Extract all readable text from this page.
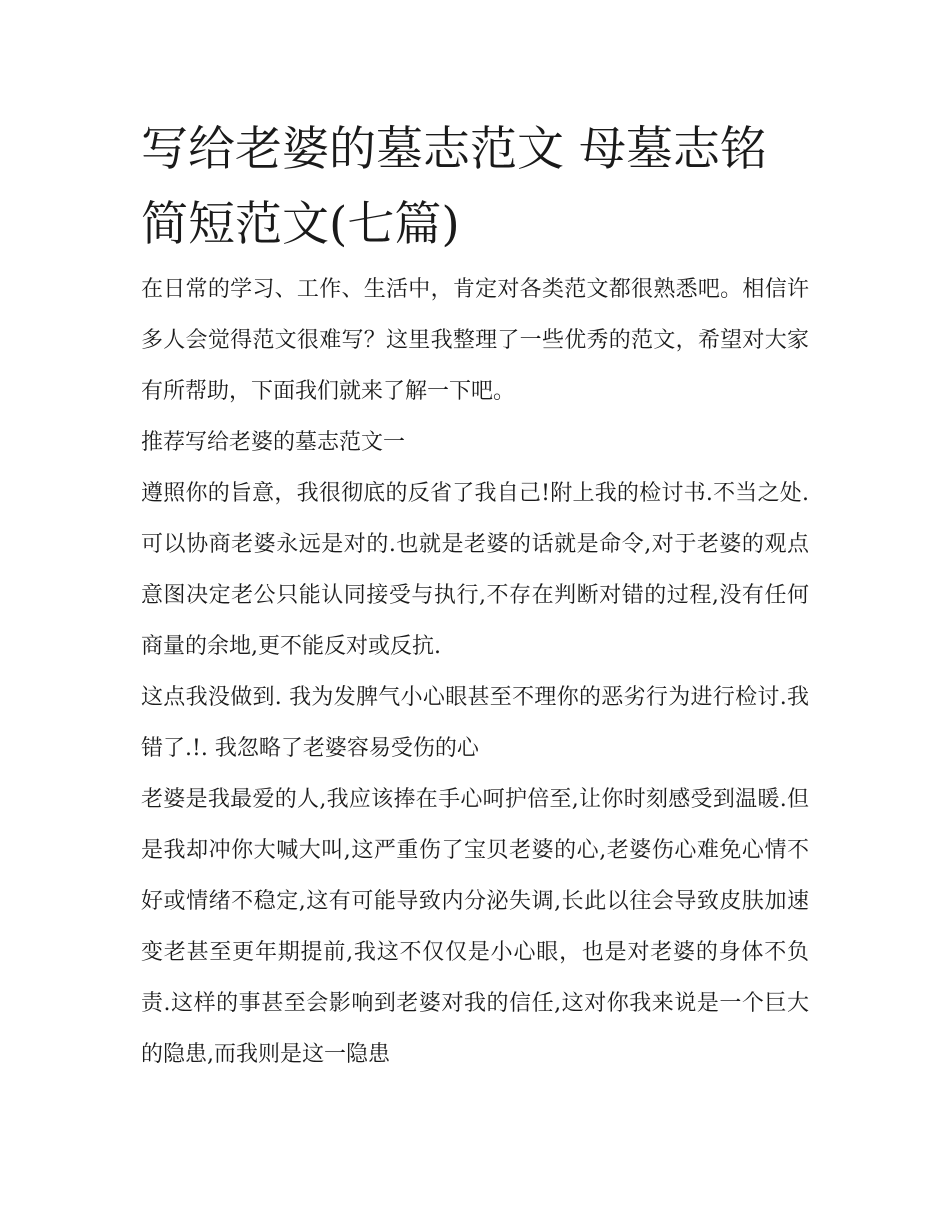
写给老婆的墓志范文 母墓志铭简短范文(七篇)

在日常的学习、工作、生活中，肯定对各类范文都很熟悉吧。相信许多人会觉得范文很难写？这里我整理了一些优秀的范文，希望对大家有所帮助，下面我们就来了解一下吧。

推荐写给老婆的墓志范文一

遵照你的旨意，我很彻底的反省了我自己!附上我的检讨书.不当之处.可以协商老婆永远是对的.也就是老婆的话就是命令,对于老婆的观点意图决定老公只能认同接受与执行,不存在判断对错的过程,没有任何商量的余地,更不能反对或反抗.

这点我没做到. 我为发脾气小心眼甚至不理你的恶劣行为进行检讨.我错了.!. 我忽略了老婆容易受伤的心

老婆是我最爱的人,我应该捧在手心呵护倍至,让你时刻感受到温暖.但是我却冲你大喊大叫,这严重伤了宝贝老婆的心,老婆伤心难免心情不好或情绪不稳定,这有可能导致内分泌失调,长此以往会导致皮肤加速变老甚至更年期提前,我这不仅仅是小心眼，也是对老婆的身体不负责.这样的事甚至会影响到老婆对我的信任,这对你我来说是一个巨大的隐患,而我则是这一隐患
